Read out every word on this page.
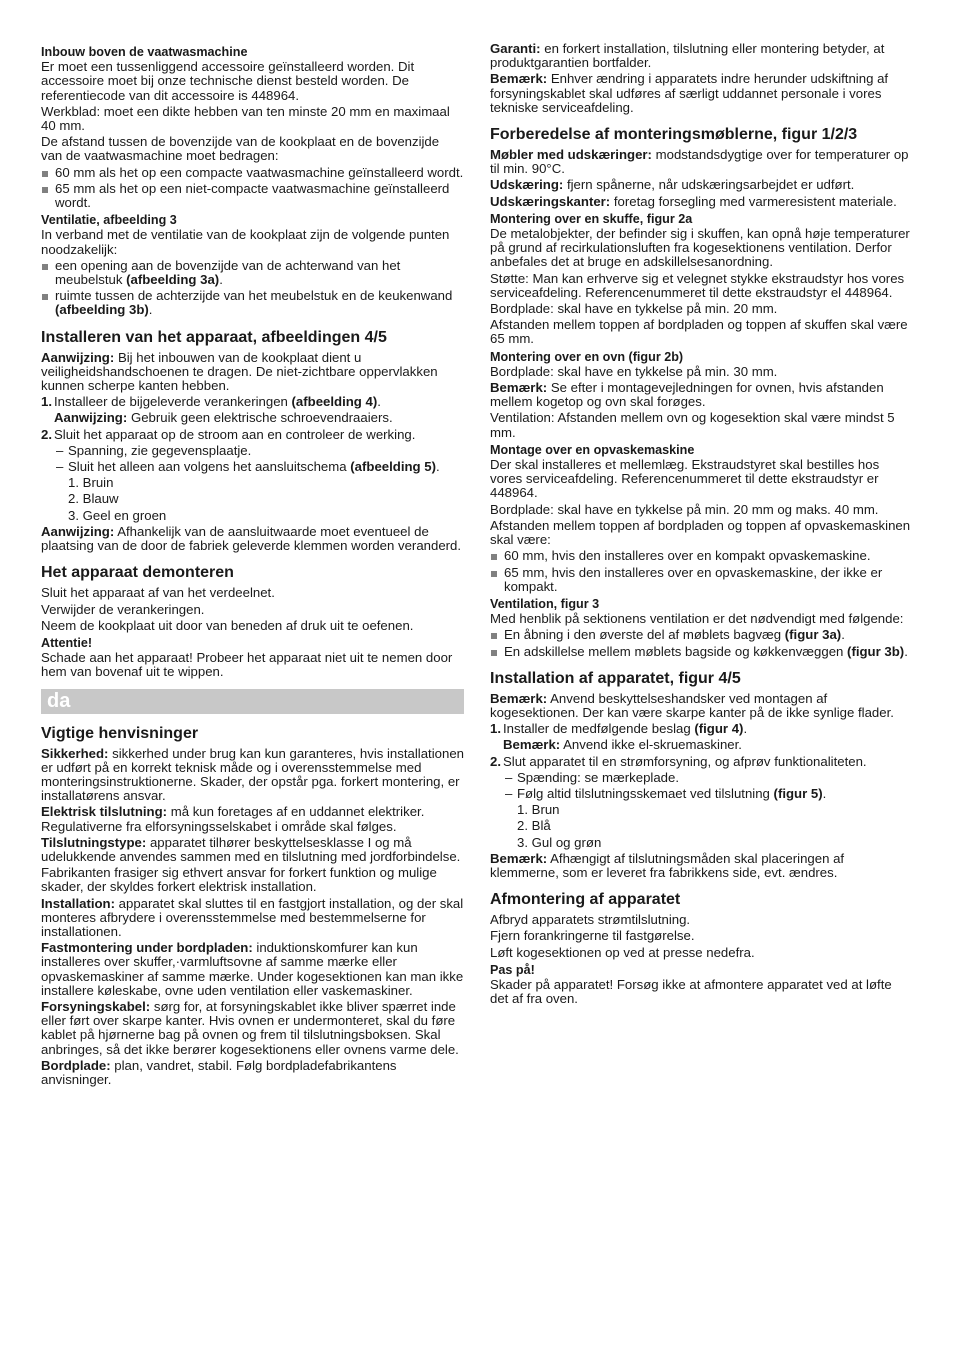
Inbouw boven de vaatwasmachine

Er moet een tussenliggend accessoire geïnstalleerd worden. Dit accessoire moet bij onze technische dienst besteld worden. De referentiecode van dit accessoire is 448964.

Werkblad: moet een dikte hebben van ten minste 20 mm en maximaal 40 mm.

De afstand tussen de bovenzijde van de kookplaat en de bovenzijde van de vaatwasmachine moet bedragen:

60 mm als het op een compacte vaatwasmachine geïnstalleerd wordt.
65 mm als het op een niet-compacte vaatwasmachine geïnstalleerd wordt.
Ventilatie, afbeelding 3

In verband met de ventilatie van de kookplaat zijn de volgende punten noodzakelijk:

een opening aan de bovenzijde van de achterwand van het meubelstuk (afbeelding 3a).
ruimte tussen de achterzijde van het meubelstuk en de keukenwand (afbeelding 3b).
Installeren van het apparaat, afbeeldingen 4/5

Aanwijzing: Bij het inbouwen van de kookplaat dient u veiligheidshandschoenen te dragen. De niet-zichtbare oppervlakken kunnen scherpe kanten hebben.

1. Installeer de bijgeleverde verankeringen (afbeelding 4).
Aanwijzing: Gebruik geen elektrische schroevendraaiers.
2. Sluit het apparaat op de stroom aan en controleer de werking.
– Spanning, zie gegevensplaatje.
– Sluit het alleen aan volgens het aansluitschema (afbeelding 5).
1. Bruin
2. Blauw
3. Geel en groen

Aanwijzing: Afhankelijk van de aansluitwaarde moet eventueel de plaatsing van de door de fabriek geleverde klemmen worden veranderd.

Het apparaat demonteren

Sluit het apparaat af van het verdeelnet.

Verwijder de verankeringen.

Neem de kookplaat uit door van beneden af druk uit te oefenen.

Attentie!

Schade aan het apparaat! Probeer het apparaat niet uit te nemen door hem van bovenaf uit te wippen.

da
Vigtige henvisninger

Sikkerhed: sikkerhed under brug kan kun garanteres, hvis installationen er udført på en korrekt teknisk måde og i overensstemmelse med monteringsinstruktionerne. Skader, der opstår pga. forkert montering, er installatørens ansvar.

Elektrisk tilslutning: må kun foretages af en uddannet elektriker. Regulativerne fra elforsyningsselskabet i område skal følges.

Tilslutningstype: apparatet tilhører beskyttelsesklasse I og må udelukkende anvendes sammen med en tilslutning med jordforbindelse.

Fabrikanten frasiger sig ethvert ansvar for forkert funktion og mulige skader, der skyldes forkert elektrisk installation.

Installation: apparatet skal sluttes til en fastgjort installation, og der skal monteres afbrydere i overensstemmelse med bestemmelserne for installationen.

Fastmontering under bordpladen: induktionskomfurer kan kun installeres over skuffer,·varmluftsovne af samme mærke eller opvaskemaskiner af samme mærke. Under kogesektionen kan man ikke installere køleskabe, ovne uden ventilation eller vaskemaskiner.

Forsyningskabel: sørg for, at forsyningskablet ikke bliver spærret inde eller ført over skarpe kanter. Hvis ovnen er undermonteret, skal du føre kablet på hjørnerne bag på ovnen og frem til tilslutningsboksen. Skal anbringes, så det ikke berører kogesektionens eller ovnens varme dele.

Bordplade: plan, vandret, stabil. Følg bordpladefabrikantens anvisninger.

Garanti: en forkert installation, tilslutning eller montering betyder, at produktgarantien bortfalder.

Bemærk: Enhver ændring i apparatets indre herunder udskiftning af forsyningskablet skal udføres af særligt uddannet personale i vores tekniske serviceafdeling.

Forberedelse af monteringsmøblerne, figur 1/2/3

Møbler med udskæringer: modstandsdygtige over for temperaturer op til min. 90°C.

Udskæring: fjern spånerne, når udskæringsarbejdet er udført.

Udskæringskanter: foretag forsegling med varmeresistent materiale.

Montering over en skuffe, figur 2a

De metalobjekter, der befinder sig i skuffen, kan opnå høje temperaturer på grund af recirkulationsluften fra kogesektionens ventilation. Derfor anbefales det at bruge en adskillelsesanordning.

Støtte: Man kan erhverve sig et velegnet stykke ekstraudstyr hos vores serviceafdeling. Referencenummeret til dette ekstraudstyr el 448964.

Bordplade: skal have en tykkelse på min. 20 mm.

Afstanden mellem toppen af bordpladen og toppen af skuffen skal være 65 mm.

Montering over en ovn (figur 2b)

Bordplade: skal have en tykkelse på min. 30 mm.

Bemærk: Se efter i montagevejledningen for ovnen, hvis afstanden mellem kogetop og ovn skal forøges.

Ventilation: Afstanden mellem ovn og kogesektion skal være mindst 5 mm.

Montage over en opvaskemaskine

Der skal installeres et mellemlæg. Ekstraudstyret skal bestilles hos vores serviceafdeling. Referencenummeret til dette ekstraudstyr er 448964.

Bordplade: skal have en tykkelse på min. 20 mm og maks. 40 mm.

Afstanden mellem toppen af bordpladen og toppen af opvaskemaskinen skal være:

60 mm, hvis den installeres over en kompakt opvaskemaskine.
65 mm, hvis den installeres over en opvaskemaskine, der ikke er kompakt.
Ventilation, figur 3

Med henblik på sektionens ventilation er det nødvendigt med følgende:

En åbning i den øverste del af møblets bagvæg (figur 3a).
En adskillelse mellem møblets bagside og køkkenvæggen (figur 3b).
Installation af apparatet, figur 4/5

Bemærk: Anvend beskyttelseshandsker ved montagen af kogesektionen. Der kan være skarpe kanter på de ikke synlige flader.

1. Installer de medfølgende beslag (figur 4).
Bemærk: Anvend ikke el-skruemaskiner.
2. Slut apparatet til en strømforsyning, og afprøv funktionaliteten.
– Spænding: se mærkeplade.
– Følg altid tilslutningsskemaet ved tilslutning (figur 5).
1. Brun
2. Blå
3. Gul og grøn

Bemærk: Afhængigt af tilslutningsmåden skal placeringen af klemmerne, som er leveret fra fabrikkens side, evt. ændres.

Afmontering af apparatet

Afbryd apparatets strømtilslutning.

Fjern forankringerne til fastgørelse.

Løft kogesektionen op ved at presse nedefra.

Pas på!

Skader på apparatet! Forsøg ikke at afmontere apparatet ved at løfte det af fra oven.
